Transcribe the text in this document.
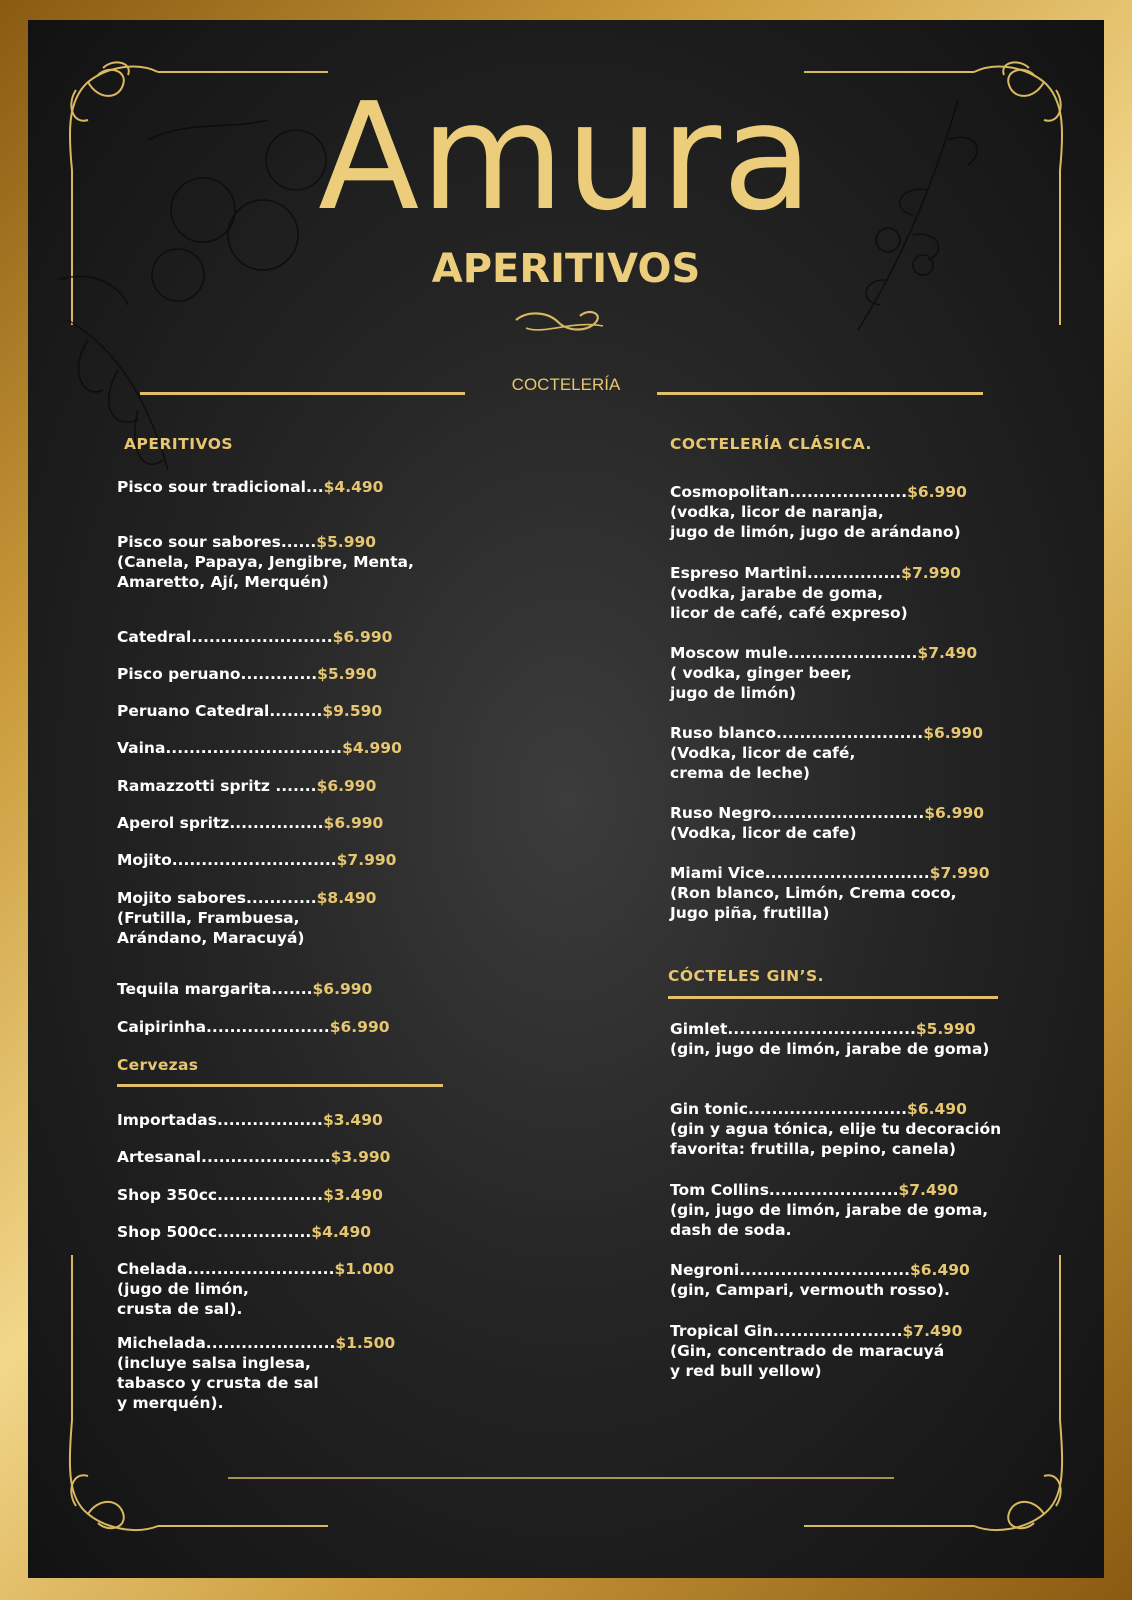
Amura
APERITIVOS
COCTELERÍA
APERITIVOS
Cervezas
COCTELERÍA CLÁSICA.
CÓCTELES GIN’S.
Pisco sour tradicional...$4.490
Pisco sour sabores......$5.990
(Canela, Papaya, Jengibre, Menta,
Amaretto, Ají, Merquén)
Catedral........................$6.990
Pisco peruano.............$5.990
Peruano Catedral.........$9.590
Vaina..............................$4.990
Ramazzotti spritz .......$6.990
Aperol spritz................$6.990
Mojito............................$7.990
Mojito sabores............$8.490
(Frutilla, Frambuesa,
Arándano, Maracuyá)
Tequila margarita.......$6.990
Caipirinha.....................$6.990
Importadas..................$3.490
Artesanal......................$3.990
Shop 350cc..................$3.490
Shop 500cc................$4.490
Chelada.........................$1.000
(jugo de limón,
crusta de sal).
Michelada......................$1.500
(incluye salsa inglesa,
tabasco y crusta de sal
y merquén).
Cosmopolitan....................$6.990
(vodka, licor de naranja,
jugo de limón, jugo de arándano)
Espreso Martini................$7.990
(vodka, jarabe de goma,
licor de café, café expreso)
Moscow mule......................$7.490
( vodka, ginger beer,
jugo de limón)
Ruso blanco.........................$6.990
(Vodka, licor de café,
crema de leche)
Ruso Negro..........................$6.990
(Vodka, licor de cafe)
Miami Vice............................$7.990
(Ron blanco, Limón, Crema coco,
Jugo piña, frutilla)
Gimlet................................$5.990
(gin, jugo de limón, jarabe de goma)
Gin tonic...........................$6.490
(gin y agua tónica, elije tu decoración
favorita: frutilla, pepino, canela)
Tom Collins......................$7.490
(gin, jugo de limón, jarabe de goma,
dash de soda.
Negroni.............................$6.490
(gin, Campari, vermouth rosso).
Tropical Gin......................$7.490
(Gin, concentrado de maracuyá
y red bull yellow)
